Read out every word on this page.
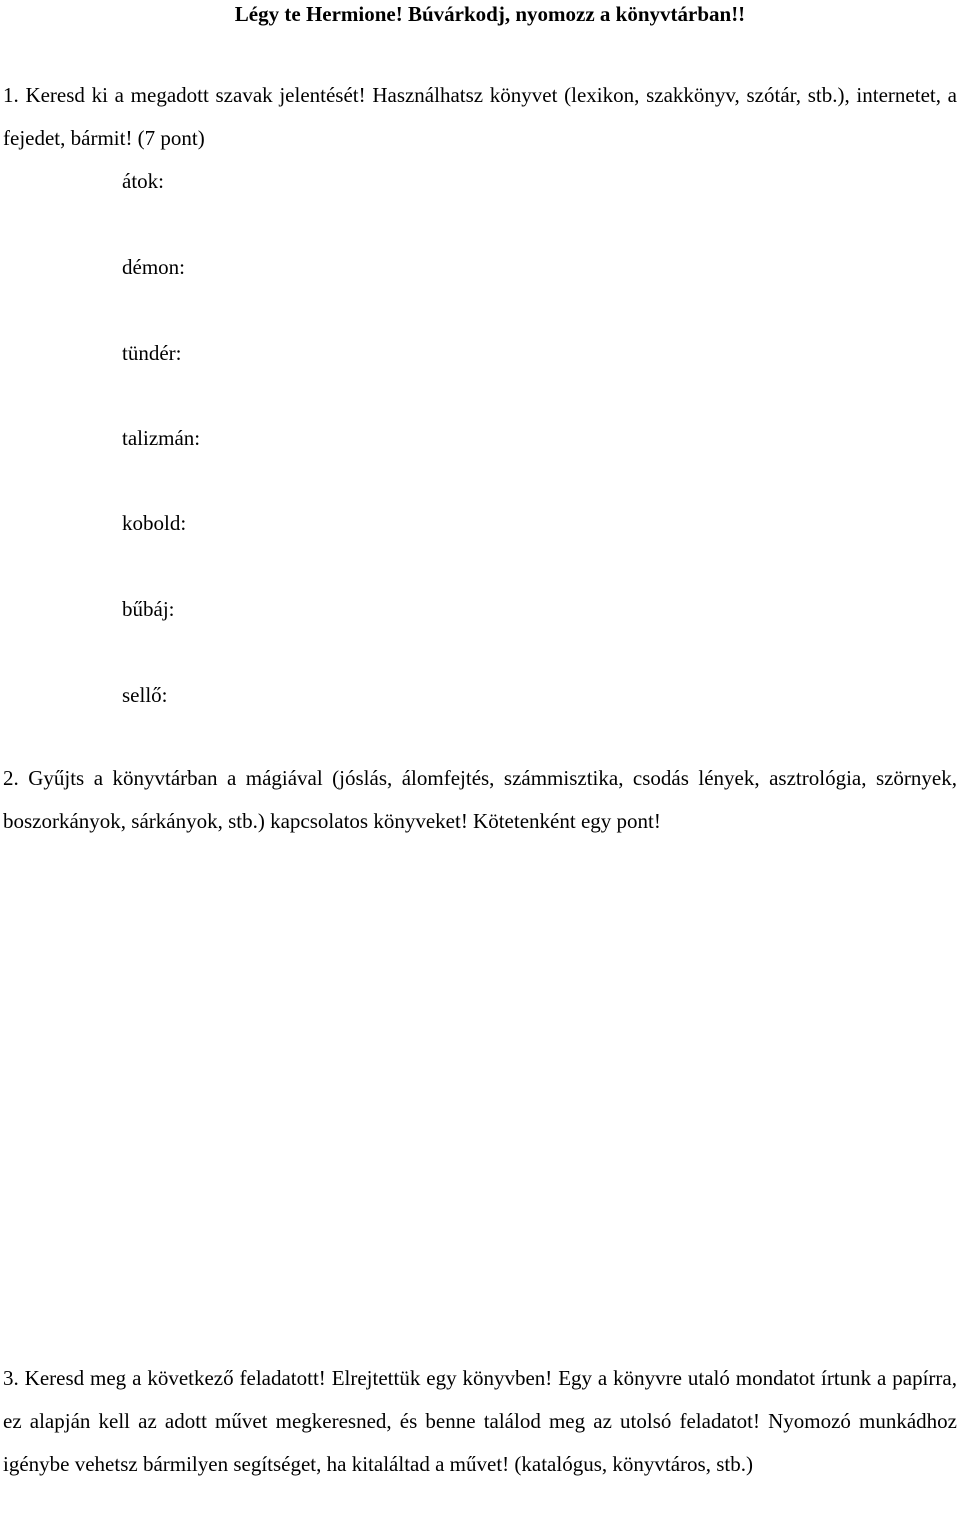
Légy te Hermione! Búvárkodj, nyomozz a könyvtárban!!

1. Keresd ki a megadott szavak jelentését! Használhatsz könyvet (lexikon, szakkönyv, szótár, stb.), internetet, a fejedet, bármit! (7 pont)

átok:

démon:

tündér:

talizmán:

kobold:

bűbáj:

sellő:

2. Gyűjts a könyvtárban a mágiával (jóslás, álomfejtés, számmisztika, csodás lények, asztrológia, szörnyek, boszorkányok, sárkányok, stb.) kapcsolatos könyveket! Kötetenként egy pont!

3. Keresd meg a következő feladatott! Elrejtettük egy könyvben! Egy a könyvre utaló mondatot írtunk a papírra, ez alapján kell az adott művet megkeresned, és benne találod meg az utolsó feladatot! Nyomozó munkádhoz igénybe vehetsz bármilyen segítséget, ha kitaláltad a művet! (katalógus, könyvtáros, stb.)
